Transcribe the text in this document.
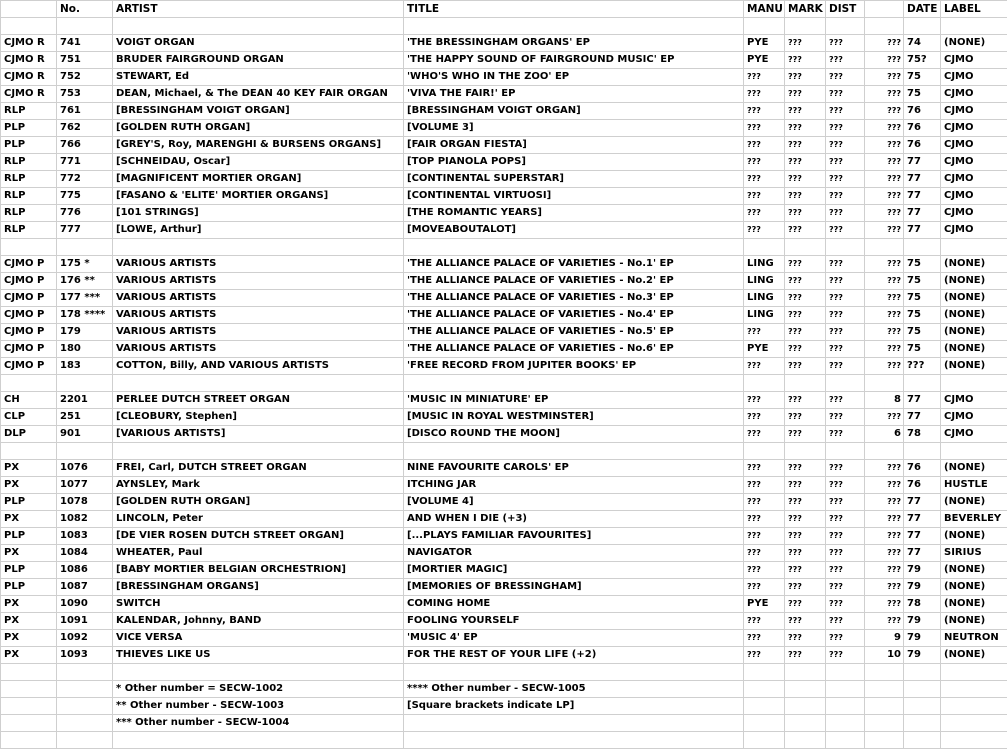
	No.	ARTIST	TITLE	MANU	MARK	DIST		DATE	LABEL

CJMO R	741	VOIGT ORGAN	'THE BRESSINGHAM ORGANS' EP	PYE	???	???	???	74	(NONE)
CJMO R	751	BRUDER FAIRGROUND ORGAN	'THE HAPPY SOUND OF FAIRGROUND MUSIC' EP	PYE	???	???	???	75?	CJMO
CJMO R	752	STEWART, Ed	'WHO'S WHO IN THE ZOO' EP	???	???	???	???	75	CJMO
CJMO R	753	DEAN, Michael, & The DEAN 40 KEY FAIR ORGAN	'VIVA THE FAIR!' EP	???	???	???	???	75	CJMO
RLP	761	[BRESSINGHAM VOIGT ORGAN]	[BRESSINGHAM VOIGT ORGAN]	???	???	???	???	76	CJMO
PLP	762	[GOLDEN RUTH ORGAN]	[VOLUME 3]	???	???	???	???	76	CJMO
PLP	766	[GREY'S, Roy, MARENGHI & BURSENS ORGANS]	[FAIR ORGAN FIESTA]	???	???	???	???	76	CJMO
RLP	771	[SCHNEIDAU, Oscar]	[TOP PIANOLA POPS]	???	???	???	???	77	CJMO
RLP	772	[MAGNIFICENT MORTIER ORGAN]	[CONTINENTAL SUPERSTAR]	???	???	???	???	77	CJMO
RLP	775	[FASANO & 'ELITE' MORTIER ORGANS]	[CONTINENTAL VIRTUOSI]	???	???	???	???	77	CJMO
RLP	776	[101 STRINGS]	[THE ROMANTIC YEARS]	???	???	???	???	77	CJMO
RLP	777	[LOWE, Arthur]	[MOVEABOUTALOT]	???	???	???	???	77	CJMO

CJMO P	175 *	VARIOUS ARTISTS	'THE ALLIANCE PALACE OF VARIETIES - No.1' EP	LING	???	???	???	75	(NONE)
CJMO P	176 **	VARIOUS ARTISTS	'THE ALLIANCE PALACE OF VARIETIES - No.2' EP	LING	???	???	???	75	(NONE)
CJMO P	177 ***	VARIOUS ARTISTS	'THE ALLIANCE PALACE OF VARIETIES - No.3' EP	LING	???	???	???	75	(NONE)
CJMO P	178 ****	VARIOUS ARTISTS	'THE ALLIANCE PALACE OF VARIETIES - No.4' EP	LING	???	???	???	75	(NONE)
CJMO P	179	VARIOUS ARTISTS	'THE ALLIANCE PALACE OF VARIETIES - No.5' EP	???	???	???	???	75	(NONE)
CJMO P	180	VARIOUS ARTISTS	'THE ALLIANCE PALACE OF VARIETIES - No.6' EP	PYE	???	???	???	75	(NONE)
CJMO P	183	COTTON, Billy, AND VARIOUS ARTISTS	'FREE RECORD FROM JUPITER BOOKS' EP	???	???	???	???	???	(NONE)

CH	2201	PERLEE DUTCH STREET ORGAN	'MUSIC IN MINIATURE' EP	???	???	???	8	77	CJMO
CLP	251	[CLEOBURY, Stephen]	[MUSIC IN ROYAL WESTMINSTER]	???	???	???	???	77	CJMO
DLP	901	[VARIOUS ARTISTS]	[DISCO ROUND THE MOON]	???	???	???	6	78	CJMO

PX	1076	FREI, Carl, DUTCH STREET ORGAN	NINE FAVOURITE CAROLS' EP	???	???	???	???	76	(NONE)
PX	1077	AYNSLEY, Mark	ITCHING JAR	???	???	???	???	76	HUSTLE
PLP	1078	[GOLDEN RUTH ORGAN]	[VOLUME 4]	???	???	???	???	77	(NONE)
PX	1082	LINCOLN, Peter	AND WHEN I DIE (+3)	???	???	???	???	77	BEVERLEY
PLP	1083	[DE VIER ROSEN DUTCH STREET ORGAN]	[...PLAYS FAMILIAR FAVOURITES]	???	???	???	???	77	(NONE)
PX	1084	WHEATER, Paul	NAVIGATOR	???	???	???	???	77	SIRIUS
PLP	1086	[BABY MORTIER BELGIAN ORCHESTRION]	[MORTIER MAGIC]	???	???	???	???	79	(NONE)
PLP	1087	[BRESSINGHAM ORGANS]	[MEMORIES OF BRESSINGHAM]	???	???	???	???	79	(NONE)
PX	1090	SWITCH	COMING HOME	PYE	???	???	???	78	(NONE)
PX	1091	KALENDAR, Johnny, BAND	FOOLING YOURSELF	???	???	???	???	79	(NONE)
PX	1092	VICE VERSA	'MUSIC 4' EP	???	???	???	9	79	NEUTRON
PX	1093	THIEVES LIKE US	FOR THE REST OF YOUR LIFE (+2)	???	???	???	10	79	(NONE)

		* Other number = SECW-1002	**** Other number - SECW-1005						
		** Other number - SECW-1003	[Square brackets indicate LP]						
		*** Other number - SECW-1004							
